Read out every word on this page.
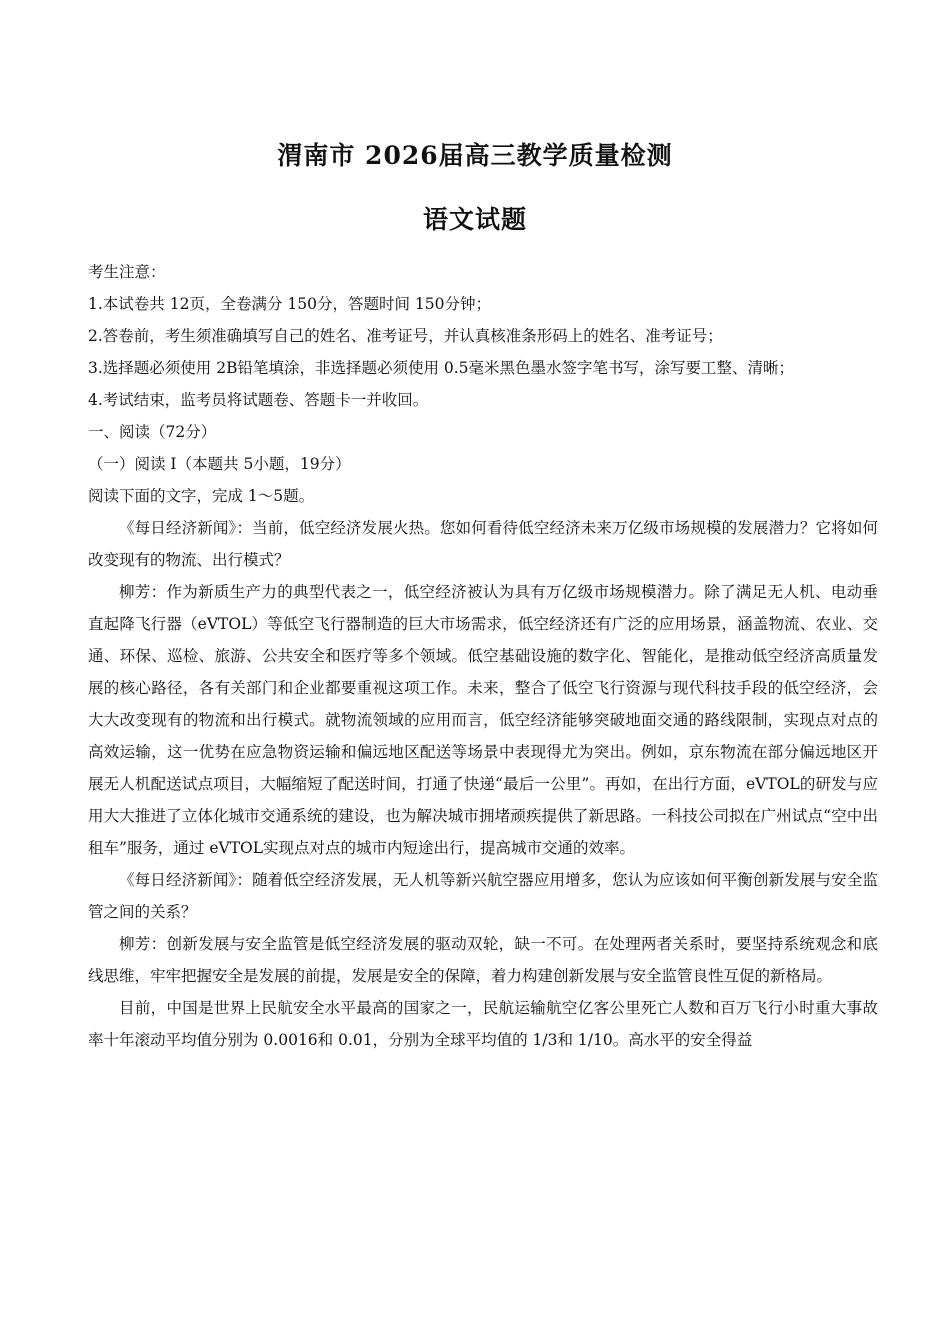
渭南市 2026届高三教学质量检测
语文试题
考生注意：
1.本试卷共 12页，全卷满分 150分，答题时间 150分钟；
2.答卷前，考生须准确填写自己的姓名、准考证号，并认真核准条形码上的姓名、准考证号；
3.选择题必须使用 2B铅笔填涂，非选择题必须使用 0.5毫米黑色墨水签字笔书写，涂写要工整、清晰；
4.考试结束，监考员将试题卷、答题卡一并收回。
一、阅读（72分）
（一）阅读 I（本题共 5小题，19分）
阅读下面的文字，完成 1～5题。
《每日经济新闻》：当前，低空经济发展火热。您如何看待低空经济未来万亿级市场规模的发展潜力？它将如何改变现有的物流、出行模式？
柳芳：作为新质生产力的典型代表之一，低空经济被认为具有万亿级市场规模潜力。除了满足无人机、电动垂直起降飞行器（eVTOL）等低空飞行器制造的巨大市场需求，低空经济还有广泛的应用场景，涵盖物流、农业、交通、环保、巡检、旅游、公共安全和医疗等多个领域。低空基础设施的数字化、智能化，是推动低空经济高质量发展的核心路径，各有关部门和企业都要重视这项工作。未来，整合了低空飞行资源与现代科技手段的低空经济，会大大改变现有的物流和出行模式。就物流领域的应用而言，低空经济能够突破地面交通的路线限制，实现点对点的高效运输，这一优势在应急物资运输和偏远地区配送等场景中表现得尤为突出。例如，京东物流在部分偏远地区开展无人机配送试点项目，大幅缩短了配送时间，打通了快递“最后一公里”。再如，在出行方面，eVTOL的研发与应用大大推进了立体化城市交通系统的建设，也为解决城市拥堵顽疾提供了新思路。一科技公司拟在广州试点“空中出租车”服务，通过 eVTOL实现点对点的城市内短途出行，提高城市交通的效率。
《每日经济新闻》：随着低空经济发展，无人机等新兴航空器应用增多，您认为应该如何平衡创新发展与安全监管之间的关系？
柳芳：创新发展与安全监管是低空经济发展的驱动双轮，缺一不可。在处理两者关系时，要坚持系统观念和底线思维，牢牢把握安全是发展的前提，发展是安全的保障，着力构建创新发展与安全监管良性互促的新格局。
目前，中国是世界上民航安全水平最高的国家之一，民航运输航空亿客公里死亡人数和百万飞行小时重大事故率十年滚动平均值分别为 0.0016和 0.01，分别为全球平均值的 1/3和 1/10。高水平的安全得益
